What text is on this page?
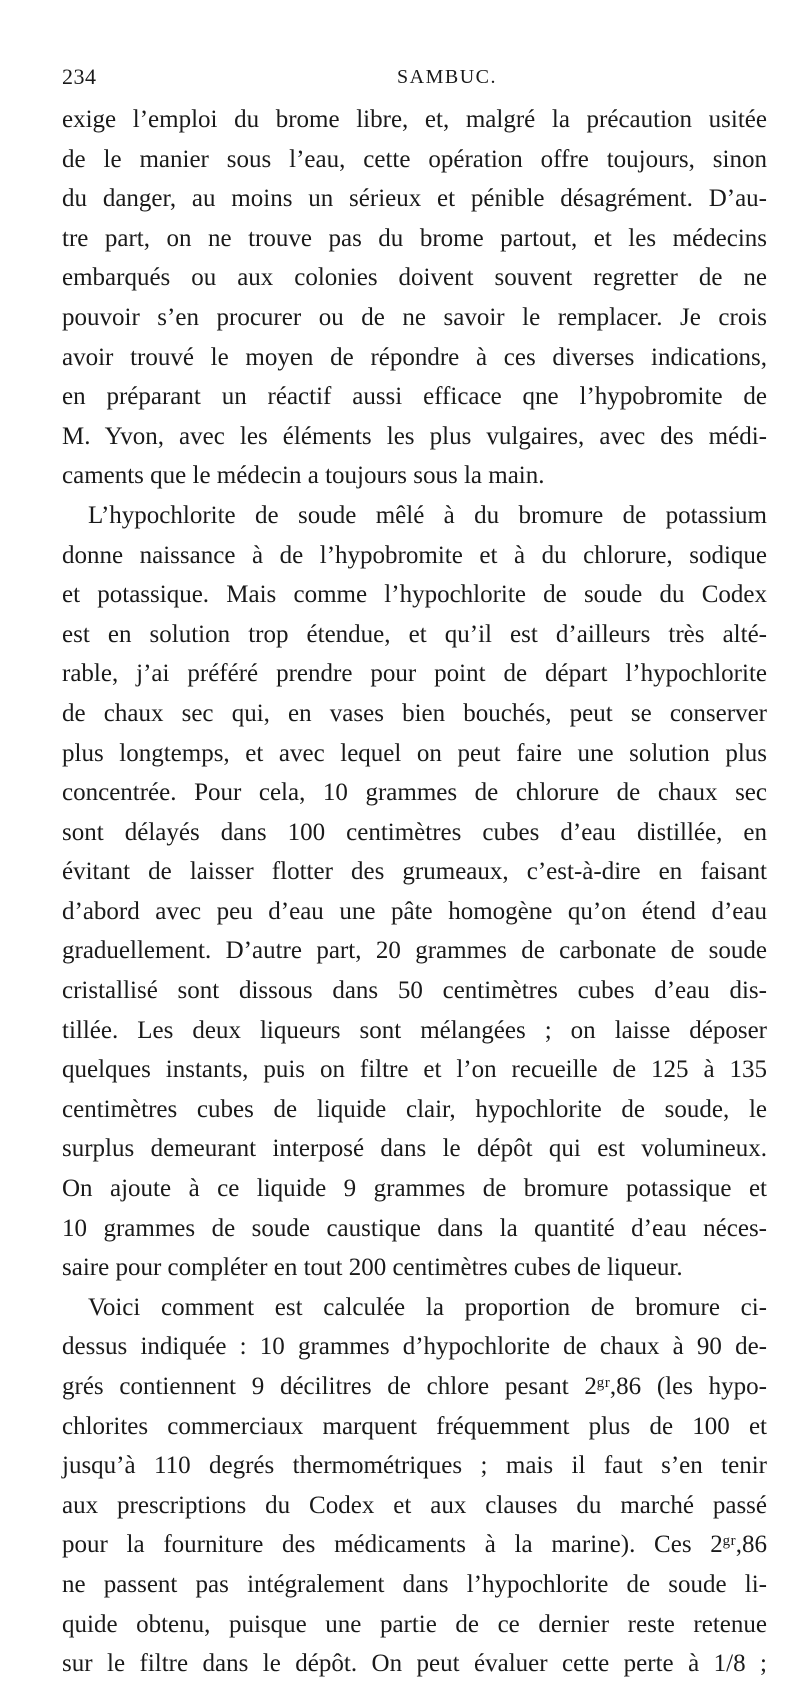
234	SAMBUC.
exige l’emploi du brome libre, et, malgré la précaution usitée
de le manier sous l’eau, cette opération offre toujours, sinon
du danger, au moins un sérieux et pénible désagrément. D’au-
tre part, on ne trouve pas du brome partout, et les médecins
embarqués ou aux colonies doivent souvent regretter de ne
pouvoir s’en procurer ou de ne savoir le remplacer. Je crois
avoir trouvé le moyen de répondre à ces diverses indications,
en préparant un réactif aussi efficace qne l’hypobromite de
M. Yvon, avec les éléments les plus vulgaires, avec des médi-
caments que le médecin a toujours sous la main.
L’hypochlorite de soude mêlé à du bromure de potassium
donne naissance à de l’hypobromite et à du chlorure, sodique
et potassique. Mais comme l’hypochlorite de soude du Codex
est en solution trop étendue, et qu’il est d’ailleurs très alté-
rable, j’ai préféré prendre pour point de départ l’hypochlorite
de chaux sec qui, en vases bien bouchés, peut se conserver
plus longtemps, et avec lequel on peut faire une solution plus
concentrée. Pour cela, 10 grammes de chlorure de chaux sec
sont délayés dans 100 centimètres cubes d’eau distillée, en
évitant de laisser flotter des grumeaux, c’est-à-dire en faisant
d’abord avec peu d’eau une pâte homogène qu’on étend d’eau
graduellement. D’autre part, 20 grammes de carbonate de soude
cristallisé sont dissous dans 50 centimètres cubes d’eau dis-
tillée. Les deux liqueurs sont mélangées ; on laisse déposer
quelques instants, puis on filtre et l’on recueille de 125 à 135
centimètres cubes de liquide clair, hypochlorite de soude, le
surplus demeurant interposé dans le dépôt qui est volumineux.
On ajoute à ce liquide 9 grammes de bromure potassique et
10 grammes de soude caustique dans la quantité d’eau néces-
saire pour compléter en tout 200 centimètres cubes de liqueur.
Voici comment est calculée la proportion de bromure ci-
dessus indiquée : 10 grammes d’hypochlorite de chaux à 90 de-
grés contiennent 9 décilitres de chlore pesant 2ᵍʳ,86 (les hypo-
chlorites commerciaux marquent fréquemment plus de 100 et
jusqu’à 110 degrés thermométriques ; mais il faut s’en tenir
aux prescriptions du Codex et aux clauses du marché passé
pour la fourniture des médicaments à la marine). Ces 2ᵍʳ,86
ne passent pas intégralement dans l’hypochlorite de soude li-
quide obtenu, puisque une partie de ce dernier reste retenue
sur le filtre dans le dépôt. On peut évaluer cette perte à 1/8 ;
